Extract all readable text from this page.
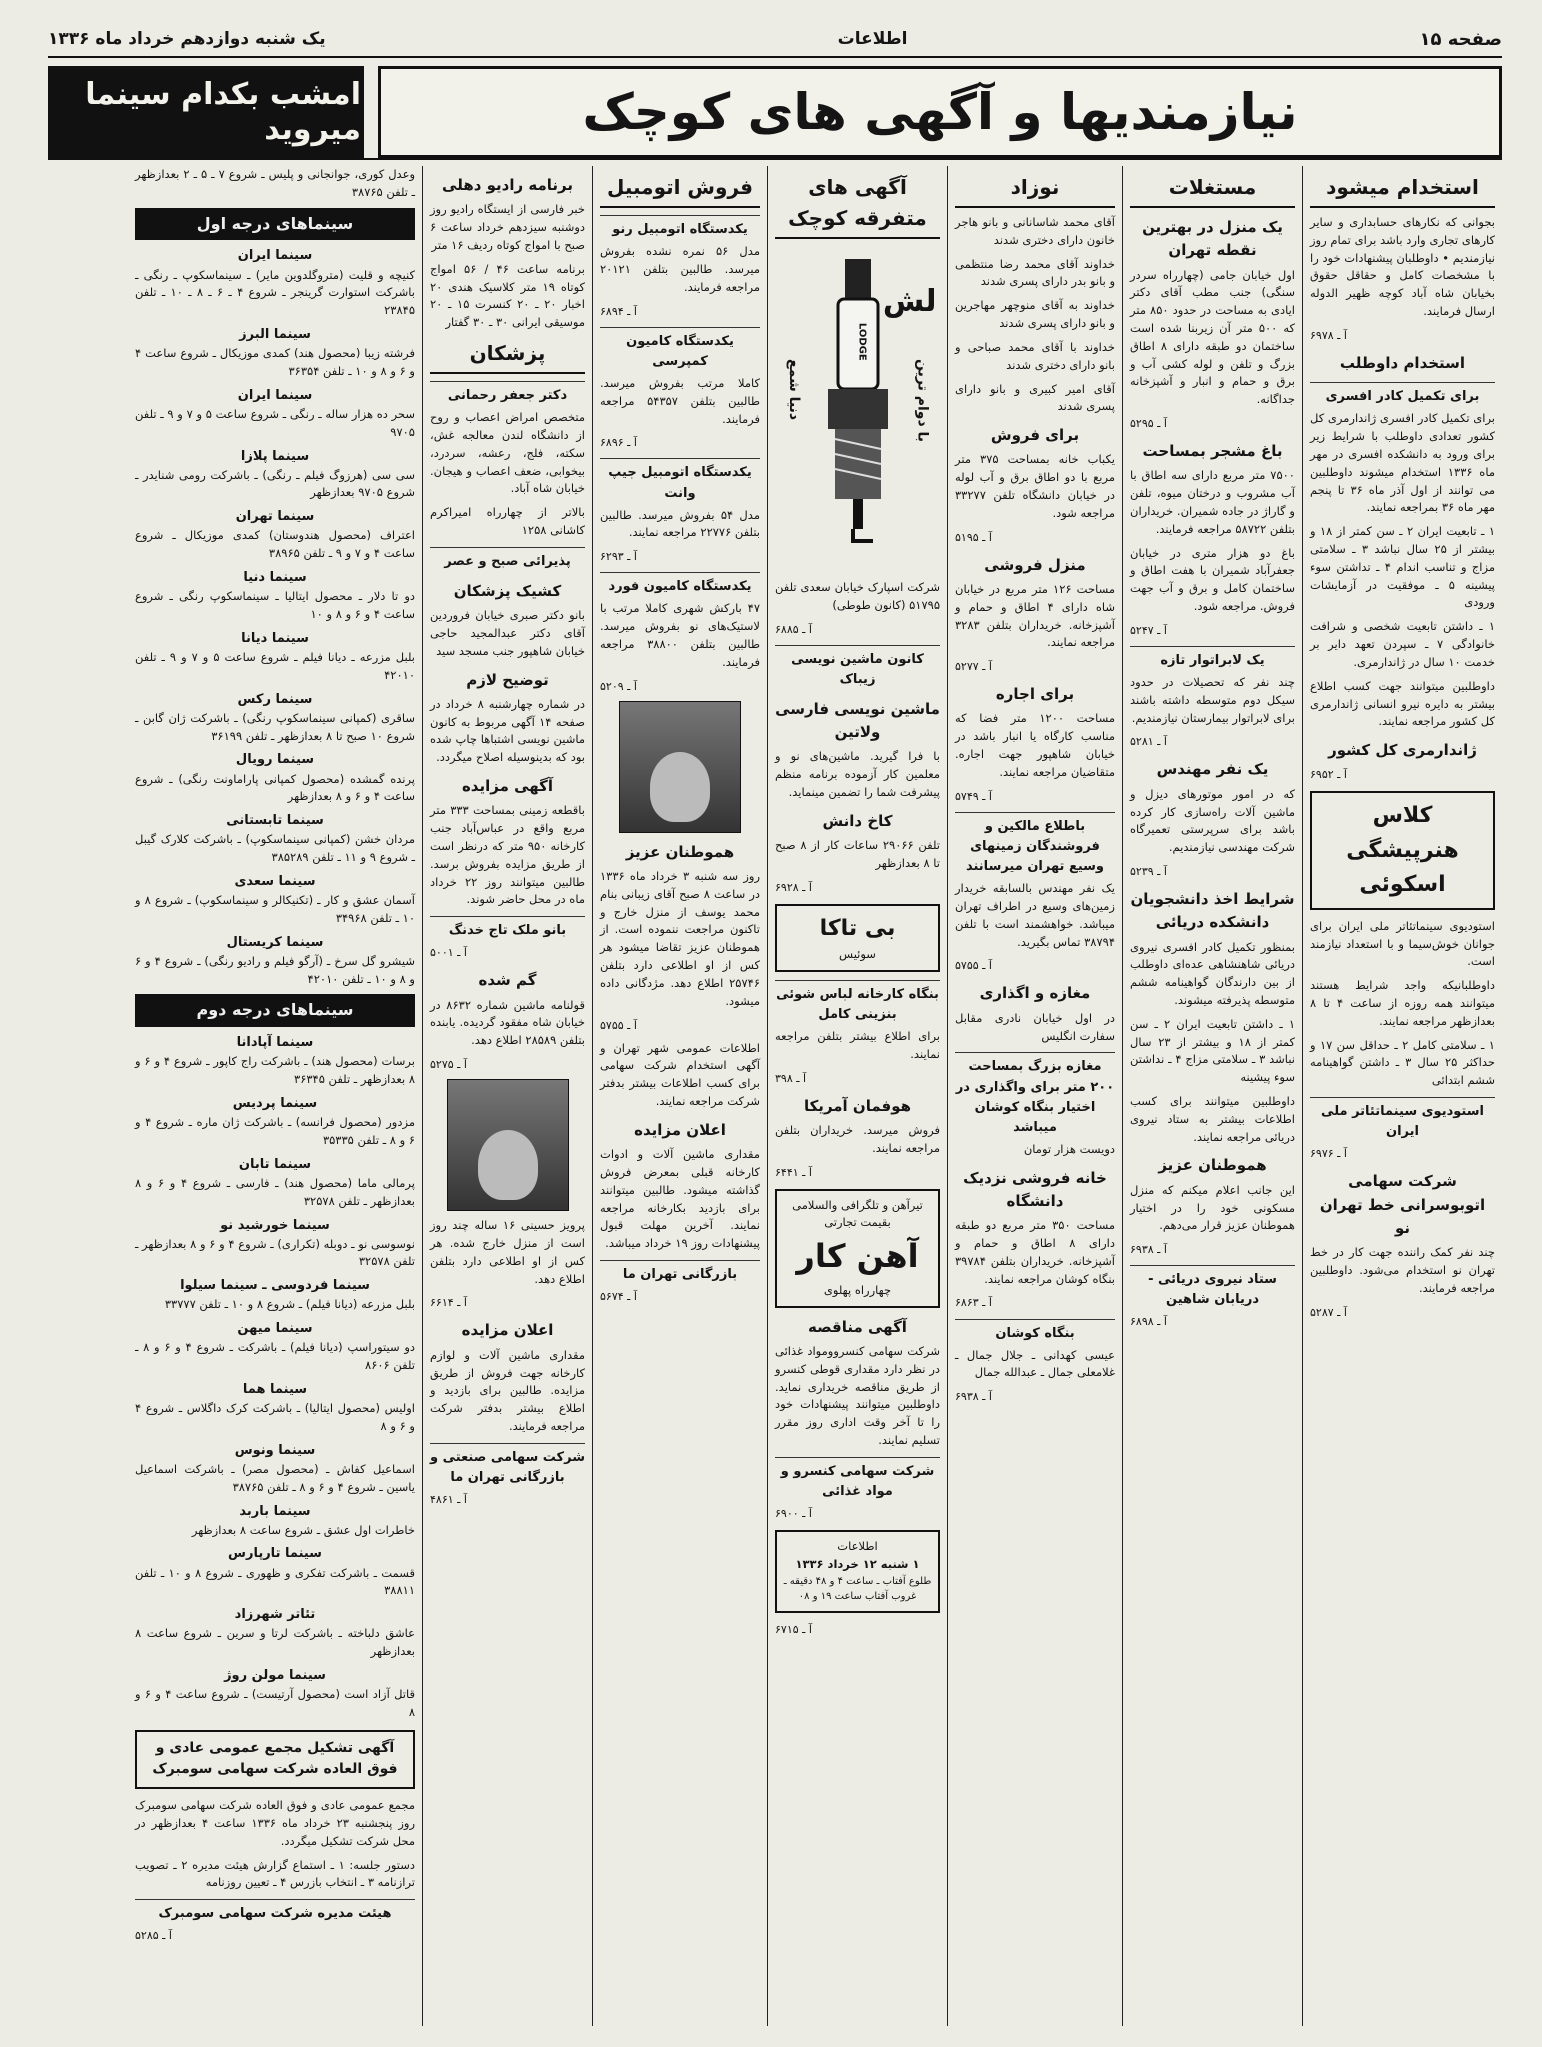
صفحه ۱۵
اطلاعات
یک شنبه دوازدهم خرداد ماه ۱۳۳۶
نیازمندیها و آگهی های کوچک
امشب بکدام سینما میروید
استخدام میشود

بجوانی که نکارهای حسابداری و سایر کارهای تجاری وارد باشد برای تمام روز نیازمندیم • داوطلبان پیشنهادات خود را با مشخصات کامل و حقاقل حقوق بخیابان شاه آباد کوچه ظهیر الدوله ارسال فرمایند.

آ ـ ۶۹۷۸
استخدام داوطلب
برای تکمیل کادر افسری

برای تکمیل کادر افسری ژاندارمری کل کشور تعدادی داوطلب با شرایط زیر برای ورود به دانشکده افسری در مهر ماه ۱۳۳۶ استخدام میشوند داوطلبین می توانند از اول آذر ماه ۳۶ تا پنجم مهر ماه ۳۶ بمراجعه نمایند.

۱ ـ تابعیت ایران ۲ ـ سن کمتر از ۱۸ و بیشتر از ۲۵ سال نباشد ۳ ـ سلامتی مزاج و تناسب اندام ۴ ـ تداشتن سوء پیشینه ۵ ـ موفقیت در آزمایشات ورودی

۱ ـ داشتن تابعیت شخصی و شرافت خانوادگی ۷ ـ سپردن تعهد دایر بر خدمت ۱۰ سال در ژاندارمری.

داوطلبین میتوانند جهت کسب اطلاع بیشتر به دایره نیرو انسانی ژاندارمری کل کشور مراجعه نمایند.

ژاندارمری کل کشور
آ ـ ۶۹۵۲
کلاس هنرپیشگی اسکوئی

استودیوی سینماتئاتر ملی ایران برای جوانان خوش‌سیما و با استعداد نیازمند است.

داوطلبانیکه واجد شرایط هستند میتوانند همه روزه از ساعت ۴ تا ۸ بعدازظهر مراجعه نمایند.

۱ ـ سلامتی کامل ۲ ـ حداقل سن ۱۷ و حداکثر ۲۵ سال ۳ ـ داشتن گواهینامه ششم ابتدائی

استودیوی سینماتئاتر ملی ایران
آ ـ ۶۹۷۶
شرکت سهامی اتوبوسرانی خط تهران نو

چند نفر کمک راننده جهت کار در خط تهران نو استخدام می‌شود. داوطلبین مراجعه فرمایند.

آ ـ ۵۲۸۷
مستغلات
یک منزل در بهترین نقطه تهران

اول خیابان جامی (چهارراه سردر سنگی) جنب مطب آقای دکتر ایادی به مساحت در حدود ۸۵۰ متر که ۵۰۰ متر آن زیربنا شده است ساختمان دو طبقه دارای ۸ اطاق بزرگ و تلفن و لوله کشی آب و برق و حمام و انبار و آشپزخانه جداگانه.

آ ـ ۵۲۹۵
باغ مشجر بمساحت

۷۵۰۰ متر مربع دارای سه اطاق با آب مشروب و درختان میوه، تلفن و گاراژ در جاده شمیران. خریداران بتلفن ۵۸۷۲۲ مراجعه فرمایند.

باغ دو هزار متری در خیابان جعفرآباد شمیران با هفت اطاق و ساختمان کامل و برق و آب جهت فروش. مراجعه شود.

آ ـ ۵۲۴۷
یک لابراتوار تازه

چند نفر که تحصیلات در حدود سیکل دوم متوسطه داشته باشند برای لابراتوار بیمارستان نیازمندیم.

آ ـ ۵۲۸۱
یک نفر مهندس

که در امور موتورهای دیزل و ماشین آلات راه‌سازی کار کرده باشد برای سرپرستی تعمیرگاه شرکت مهندسی نیازمندیم.

آ ـ ۵۲۳۹
شرایط اخذ دانشجویان دانشکده دریائی

بمنظور تکمیل کادر افسری نیروی دریائی شاهنشاهی عده‌ای داوطلب از بین دارندگان گواهینامه ششم متوسطه پذیرفته میشوند.

۱ ـ داشتن تابعیت ایران ۲ ـ سن کمتر از ۱۸ و بیشتر از ۲۳ سال نباشد ۳ ـ سلامتی مزاج ۴ ـ نداشتن سوء پیشینه

داوطلبین میتوانند برای کسب اطلاعات بیشتر به ستاد نیروی دریائی مراجعه نمایند.

هموطنان عزیز

این جانب اعلام میکنم که منزل مسکونی خود را در اختیار هموطنان عزیز قرار می‌دهم.

آ ـ ۶۹۳۸
ستاد نیروی دریائی - دریابان شاهین
آ ـ ۶۸۹۸
نوزاد

آقای محمد شاسانانی و بانو هاجر خانون دارای دختری شدند

خداوند آقای محمد رضا منتظمی و بانو بدر دارای پسری شدند

خداوند به آقای منوچهر مهاجرین و بانو دارای پسری شدند

خداوند با آقای محمد صباحی و بانو دارای دختری شدند

آقای امیر کبیری و بانو دارای پسری شدند

برای فروش

یکباب خانه بمساحت ۳۷۵ متر مربع با دو اطاق برق و آب لوله در خیابان دانشگاه تلفن ۳۳۲۷۷ مراجعه شود.

آ ـ ۵۱۹۵
منزل فروشی

مساحت ۱۲۶ متر مربع در خیابان شاه دارای ۴ اطاق و حمام و آشپزخانه. خریداران بتلفن ۳۲۸۳ مراجعه نمایند.

آ ـ ۵۲۷۷
برای اجاره

مساحت ۱۲۰۰ متر فضا که مناسب کارگاه یا انبار باشد در خیابان شاهپور جهت اجاره. متقاضیان مراجعه نمایند.

آ ـ ۵۷۴۹
باطلاع مالکین و فروشندگان زمینهای وسیع تهران میرسانند

یک نفر مهندس بالسابقه خریدار زمین‌های وسیع در اطراف تهران میباشد. خواهشمند است با تلفن ۳۸۷۹۴ تماس بگیرید.

آ ـ ۵۷۵۵
مغازه و اگذاری

در اول خیابان نادری مقابل سفارت انگلیس

مغازه بزرگ بمساحت ۲۰۰ متر برای واگذاری در اختیار بنگاه کوشان میباشد

دویست هزار تومان

خانه فروشی نزدیک دانشگاه

مساحت ۳۵۰ متر مربع دو طبقه دارای ۸ اطاق و حمام و آشپزخانه. خریداران بتلفن ۳۹۷۸۴ بنگاه کوشان مراجعه نمایند.

آ ـ ۶۸۶۳
بنگاه کوشان

عیسی کهدانی ـ جلال جمال ـ غلامعلی جمال ـ عبدالله جمال

آ ـ ۶۹۳۸
آگهی های متفرقه کوچک
لش
LODGE
با دوام ترین
دنیا شمع

شرکت اسپارک خیابان سعدی تلفن ۵۱۷۹۵ (کانون طوطی)

آ ـ ۶۸۸۵
کانون ماشین نویسی زیباک
ماشین نویسی فارسی ولاتین

با فرا گیرید. ماشین‌های نو و معلمین کار آزموده برنامه منظم پیشرفت شما را تضمین مینماید.

کاخ دانش

تلفن ۲۹۰۶۶ ساعات کار از ۸ صبح تا ۸ بعدازظهر

آ ـ ۶۹۲۸
بی تاکا
سوئیس
بنگاه کارخانه لباس شوئی بنزینی کامل

برای اطلاع بیشتر بتلفن مراجعه نمایند.

آ ـ ۳۹۸
هوفمان آمریکا

فروش میرسد. خریداران بتلفن مراجعه نمایند.

آ ـ ۶۴۴۱
تیرآهن و تلگرافی والسلامی
بقیمت تجارتی
آهن کار
چهارراه پهلوی
آگهی مناقصه

شرکت سهامی کنسروومواد غذائی در نظر دارد مقداری قوطی کنسرو از طریق مناقصه خریداری نماید. داوطلبین میتوانند پیشنهادات خود را تا آخر وقت اداری روز مقرر تسلیم نمایند.

شرکت سهامی کنسرو و مواد غذائی
آ ـ ۶۹۰۰
اطلاعات
۱ شنبه ۱۲ خرداد ۱۳۳۶
طلوع آفتاب ـ ساعت ۴ و ۴۸ دقیقه ـ غروب آفتاب ساعت ۱۹ و ۰۸
آ ـ ۶۷۱۵
فروش اتومبیل
یکدستگاه اتومبیل رنو

مدل ۵۶ نمره نشده بفروش میرسد. طالبین بتلفن ۲۰۱۲۱ مراجعه فرمایند.

آ ـ ۶۸۹۴
یکدستگاه کامیون کمپرسی

کاملا مرتب بفروش میرسد. طالبین بتلفن ۵۴۳۵۷ مراجعه فرمایند.

آ ـ ۶۸۹۶
یکدستگاه اتومبیل جیپ وانت

مدل ۵۴ بفروش میرسد. طالبین بتلفن ۲۲۷۷۶ مراجعه نمایند.

آ ـ ۶۲۹۳
یکدستگاه کامیون فورد

۴۷ بارکش شهری کاملا مرتب با لاستیک‌های نو بفروش میرسد. طالبین بتلفن ۳۸۸۰۰ مراجعه فرمایند.

آ ـ ۵۲۰۹
هموطنان عزیز

روز سه شنبه ۳ خرداد ماه ۱۳۳۶ در ساعت ۸ صبح آقای زیبانی بنام محمد یوسف از منزل خارج و تاکنون مراجعت ننموده است. از هموطنان عزیز تقاضا میشود هر کس از او اطلاعی دارد بتلفن ۲۵۷۴۶ اطلاع دهد. مژدگانی داده میشود.

آ ـ ۵۷۵۵

اطلاعات عمومی شهر تهران و آگهی استخدام شرکت سهامی برای کسب اطلاعات بیشتر بدفتر شرکت مراجعه نمایند.

اعلان مزایده

مقداری ماشین آلات و ادوات کارخانه قبلی بمعرض فروش گذاشته میشود. طالبین میتوانند برای بازدید بکارخانه مراجعه نمایند. آخرین مهلت قبول پیشنهادات روز ۱۹ خرداد میباشد.

بازرگانی تهران ما
آ ـ ۵۶۷۴
برنامه رادیو دهلی

خبر فارسی از ایستگاه رادیو روز دوشنبه سیزدهم خرداد ساعت ۶ صبح با امواج کوتاه ردیف ۱۶ متر

برنامه ساعت ۴۶ / ۵۶ امواج کوتاه ۱۹ متر کلاسیک هندی ۲۰ اخبار ۲۰ ـ ۲۰ کنسرت ۱۵ ـ ۲۰ موسیقی ایرانی ۳۰ ـ ۳۰ گفتار

پزشکان
دکتر جعفر رحمانی

متخصص امراض اعصاب و روح از دانشگاه لندن معالجه غش، سکته، فلج، رعشه، سردرد، بیخوابی، ضعف اعصاب و هیجان. خیابان شاه آباد.

بالاتر از چهارراه امیراکرم کاشانی ۱۲۵۸

پذیرائی صبح و عصر
کشیک پزشکان

بانو دکتر صبری خیابان فروردین آقای دکتر عبدالمجید حاجی خیابان شاهپور جنب مسجد سید

توضیح لازم

در شماره چهارشنبه ۸ خرداد در صفحه ۱۴ آگهی مربوط به کانون ماشین نویسی اشتباها چاپ شده بود که بدینوسیله اصلاح میگردد.

آگهی مزایده

باقطعه زمینی بمساحت ۳۳۳ متر مربع واقع در عباس‌آباد جنب کارخانه ۹۵۰ متر که درنظر است از طریق مزایده بفروش برسد. طالبین میتوانند روز ۲۲ خرداد ماه در محل حاضر شوند.

بانو ملک تاج خدنگ
آ ـ ۵۰۰۱
گم شده

قولنامه ماشین شماره ۸۶۳۲ در خیابان شاه مفقود گردیده. یابنده بتلفن ۲۸۵۸۹ اطلاع دهد.

آ ـ ۵۲۷۵

پرویز حسینی ۱۶ ساله چند روز است از منزل خارج شده. هر کس از او اطلاعی دارد بتلفن اطلاع دهد.

آ ـ ۶۶۱۴
اعلان مزایده

مقداری ماشین آلات و لوازم کارخانه جهت فروش از طریق مزایده. طالبین برای بازدید و اطلاع بیشتر بدفتر شرکت مراجعه فرمایند.

شرکت سهامی صنعتی و بازرگانی تهران ما
آ ـ ۴۸۶۱

وعدل کوری، جوانجانی و پلیس ـ شروع ۷ ـ ۵ ـ ۲ بعدازظهر ـ تلفن ۳۸۷۶۵

سینماهای درجه اول
سینما ایران
کنیچه و قلیت (متروگلدوین مایر) ـ سینماسکوپ ـ رنگی ـ باشرکت استوارت گرینجر ـ شروع ۴ ـ ۶ ـ ۸ ـ ۱۰ ـ تلفن ۲۳۸۴۵
سینما البرز
فرشته زیبا (محصول هند) کمدی موزیکال ـ شروع ساعت ۴ و ۶ و ۸ و ۱۰ ـ تلفن ۳۶۳۵۴
سینما ایران
سحر ده هزار ساله ـ رنگی ـ شروع ساعت ۵ و ۷ و ۹ ـ تلفن ۹۷۰۵
سینما پلازا
سی سی (هرزوگ فیلم ـ رنگی) ـ باشرکت رومی شنایدر ـ شروع ۹۷۰۵ بعدازظهر
سینما تهران
اعتراف (محصول هندوستان) کمدی موزیکال ـ شروع ساعت ۴ و ۷ و ۹ ـ تلفن ۳۸۹۶۵
سینما دنیا
دو تا دلار ـ محصول ایتالیا ـ سینماسکوپ رنگی ـ شروع ساعت ۴ و ۶ و ۸ و ۱۰
سینما دیانا
بلبل مزرعه ـ دیانا فیلم ـ شروع ساعت ۵ و ۷ و ۹ ـ تلفن ۴۲۰۱۰
سینما رکس
ساقری (کمپانی سینماسکوپ رنگی) ـ باشرکت ژان گابن ـ شروع ۱۰ صبح تا ۸ بعدازظهر ـ تلفن ۳۶۱۹۹
سینما رویال
پرنده گمشده (محصول کمپانی پاراماونت رنگی) ـ شروع ساعت ۴ و ۶ و ۸ بعدازظهر
سینما تابستانی
مردان خشن (کمپانی سینماسکوپ) ـ باشرکت کلارک گیبل ـ شروع ۹ و ۱۱ ـ تلفن ۳۸۵۲۸۹
سینما سعدی
آسمان عشق و کار ـ (تکنیکالر و سینماسکوپ) ـ شروع ۸ و ۱۰ ـ تلفن ۳۴۹۶۸
سینما کریستال
شیشرو گل سرخ ـ (آرگو فیلم و رادیو رنگی) ـ شروع ۴ و ۶ و ۸ و ۱۰ ـ تلفن ۴۲۰۱۰
سینماهای درجه دوم
سینما آپادانا
برسات (محصول هند) ـ باشرکت راج کاپور ـ شروع ۴ و ۶ و ۸ بعدازظهر ـ تلفن ۳۶۳۴۵
سینما پردیس
مزدور (محصول فرانسه) ـ باشرکت ژان ماره ـ شروع ۴ و ۶ و ۸ ـ تلفن ۳۵۳۳۵
سینما تابان
پرمالی ماما (محصول هند) ـ فارسی ـ شروع ۴ و ۶ و ۸ بعدازظهر ـ تلفن ۳۲۵۷۸
سینما خورشید نو
نوسوسی نو ـ دوبله (تکراری) ـ شروع ۴ و ۶ و ۸ بعدازظهر ـ تلفن ۳۲۵۷۸
سینما فردوسی ـ سینما سیلوا
بلبل مزرعه (دیانا فیلم) ـ شروع ۸ و ۱۰ ـ تلفن ۳۳۷۷۷
سینما میهن
دو سیتوراسپ (دیانا فیلم) ـ باشرکت ـ شروع ۴ و ۶ و ۸ ـ تلفن ۸۶۰۶
سینما هما
اولیس (محصول ایتالیا) ـ باشرکت کرک داگلاس ـ شروع ۴ و ۶ و ۸
سینما ونوس
اسماعیل کفاش ـ (محصول مصر) ـ باشرکت اسماعیل یاسین ـ شروع ۴ و ۶ و ۸ ـ تلفن ۳۸۷۶۵
سینما باربد
خاطرات اول عشق ـ شروع ساعت ۸ بعدازظهر
سینما تارپارس
قسمت ـ باشرکت تفکری و ظهوری ـ شروع ۸ و ۱۰ ـ تلفن ۳۸۸۱۱
تئاتر شهرزاد
عاشق دلباخته ـ باشرکت لرتا و سرین ـ شروع ساعت ۸ بعدازظهر
سینما مولن روژ
قاتل آزاد است (محصول آرتیست) ـ شروع ساعت ۴ و ۶ و ۸
آگهی تشکیل مجمع عمومی عادی و فوق العاده شرکت سهامی سومبرک

مجمع عمومی عادی و فوق العاده شرکت سهامی سومبرک روز پنجشنبه ۲۳ خرداد ماه ۱۳۳۶ ساعت ۴ بعدازظهر در محل شرکت تشکیل میگردد.

دستور جلسه: ۱ ـ استماع گزارش هیئت مدیره ۲ ـ تصویب ترازنامه ۳ ـ انتخاب بازرس ۴ ـ تعیین روزنامه

هیئت مدیره شرکت سهامی سومبرک
آ ـ ۵۲۸۵
